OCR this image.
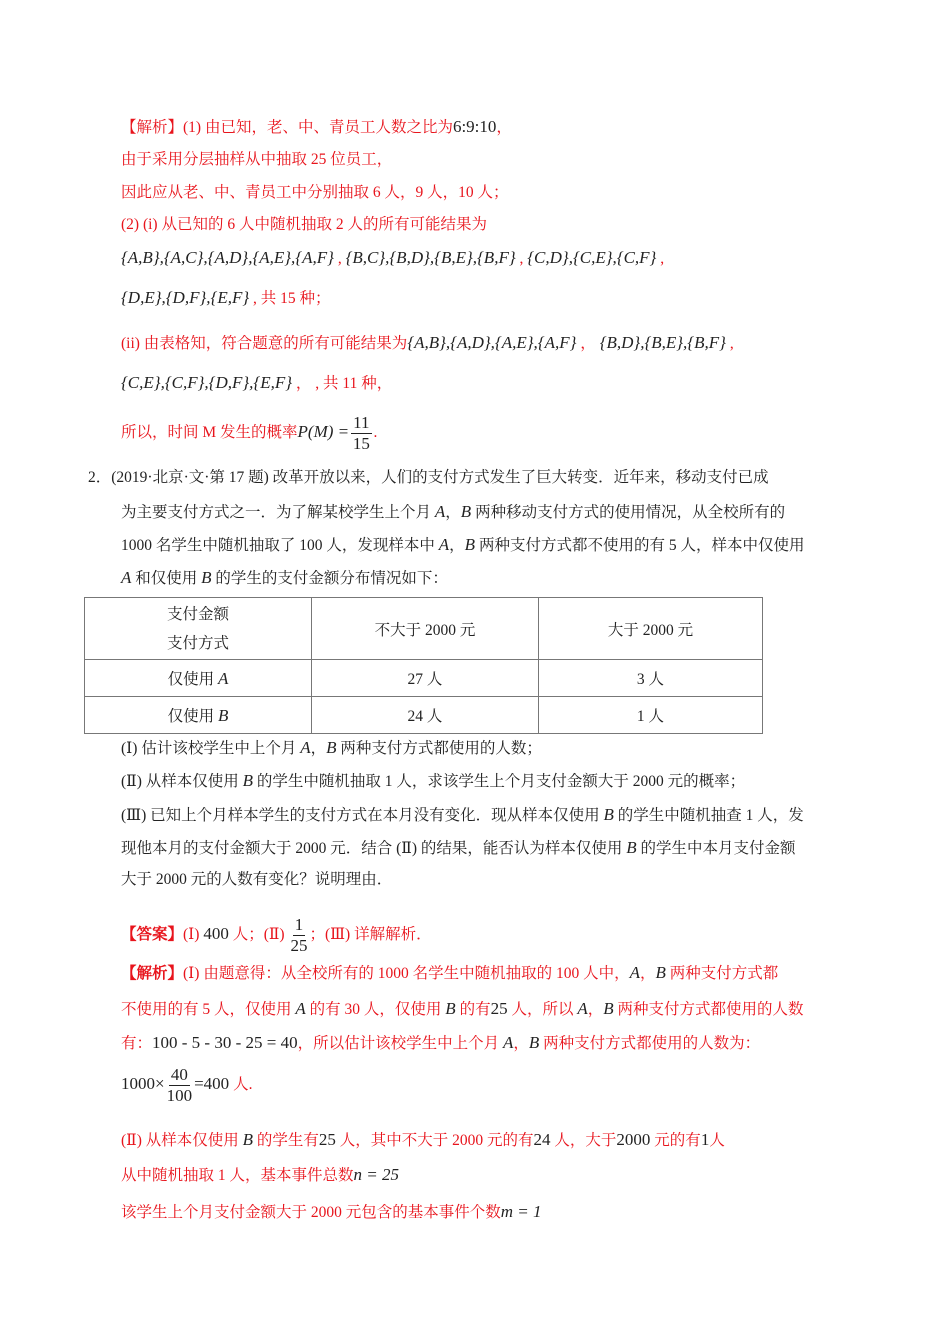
【解析】(1) 由已知，老、中、青员工人数之比为6:9:10，
由于采用分层抽样从中抽取 25 位员工，
因此应从老、中、青员工中分别抽取 6 人，9 人，10 人；
(2) (i) 从已知的 6 人中随机抽取 2 人的所有可能结果为
{A,B},{A,C},{A,D},{A,E},{A,F} , {B,C},{B,D},{B,E},{B,F} , {C,D},{C,E},{C,F} ,
{D,E},{D,F},{E,F} , 共 15 种；
(ii) 由表格知，符合题意的所有可能结果为{A,B},{A,D},{A,E},{A,F} ， {B,D},{B,E},{B,F} ,
{C,E},{C,F},{D,F},{E,F} ， , 共 11 种，
所以，时间 M 发生的概率$P(M) = \frac{11}{15}$ .
2．(2019·北京·文·第 17 题) 改革开放以来，人们的支付方式发生了巨大转变．近年来，移动支付已成
为主要支付方式之一．为了解某校学生上个月 A，B 两种移动支付方式的使用情况，从全校所有的
1000 名学生中随机抽取了 100 人，发现样本中 A，B 两种支付方式都不使用的有 5 人，样本中仅使用
A 和仅使用 B 的学生的支付金额分布情况如下：
支付金额
支付方式	不大于 2000 元	大于 2000 元
仅使用 A	27 人	3 人
仅使用 B	24 人	1 人
(Ⅰ) 估计该校学生中上个月 A，B 两种支付方式都使用的人数；
(Ⅱ) 从样本仅使用 B 的学生中随机抽取 1 人，求该学生上个月支付金额大于 2000 元的概率；
(Ⅲ) 已知上个月样本学生的支付方式在本月没有变化．现从样本仅使用 B 的学生中随机抽查 1 人，发
现他本月的支付金额大于 2000 元．结合 (Ⅱ) 的结果，能否认为样本仅使用 B 的学生中本月支付金额
大于 2000 元的人数有变化？说明理由．
【答案】(Ⅰ) 400 人；(Ⅱ) $\frac{1}{25}$ ；(Ⅲ) 详解解析．
【解析】(Ⅰ) 由题意得：从全校所有的 1000 名学生中随机抽取的 100 人中，A，B 两种支付方式都
不使用的有 5 人，仅使用 A 的有 30 人，仅使用 B 的有25 人，所以 A，B 两种支付方式都使用的人数
有：100 - 5 - 30 - 25 = 40，所以估计该校学生中上个月 A，B 两种支付方式都使用的人数为：
$1000\times \frac{40}{100} =400$ 人.
(Ⅱ) 从样本仅使用 B 的学生有25 人，其中不大于 2000 元的有24 人，大于2000 元的有1人
从中随机抽取 1 人，基本事件总数n = 25
该学生上个月支付金额大于 2000 元包含的基本事件个数m = 1
